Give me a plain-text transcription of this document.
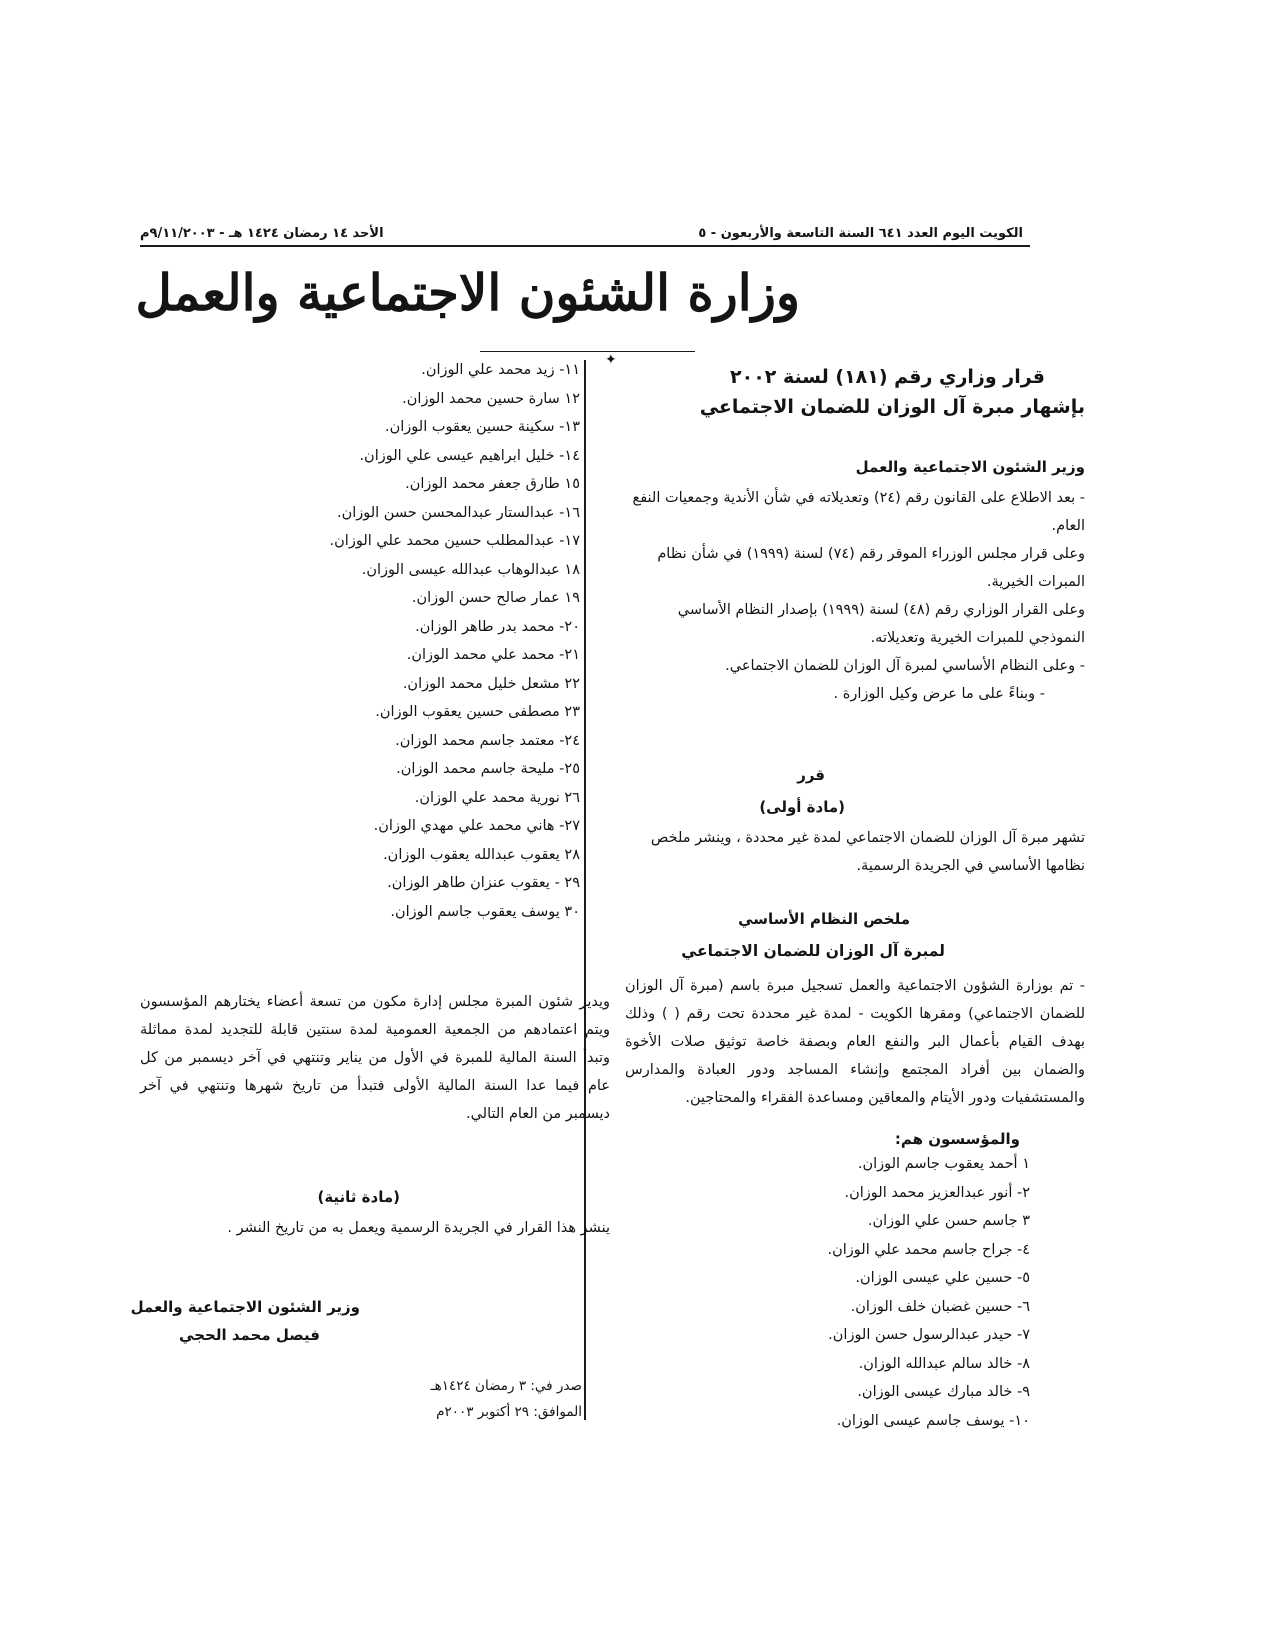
الكويت اليوم العدد ٦٤١ السنة التاسعة والأربعون - ٥
الأحد ١٤ رمضان ١٤٢٤ هـ - ٩/١١/٢٠٠٣م
وزارة الشئون الاجتماعية والعمل
✦
قرار وزاري رقم (١٨١) لسنة ٢٠٠٢
بإشهار مبرة آل الوزان للضمان الاجتماعي
وزير الشئون الاجتماعية والعمل
- بعد الاطلاع على القانون رقم (٢٤) وتعديلاته في شأن الأندية وجمعيات النفع العام.
وعلى قرار مجلس الوزراء الموقر رقم (٧٤) لسنة (١٩٩٩) في شأن نظام المبرات الخيرية.
وعلى القرار الوزاري رقم (٤٨) لسنة (١٩٩٩) بإصدار النظام الأساسي النموذجي للمبرات الخيرية وتعديلاته.
- وعلى النظام الأساسي لمبرة آل الوزان للضمان الاجتماعي.
- وبناءً على ما عرض وكيل الوزارة .
قرر
(مادة أولى)
تشهر مبرة آل الوزان للضمان الاجتماعي لمدة غير محددة ، وينشر ملخص نظامها الأساسي في الجريدة الرسمية.
ملخص النظام الأساسي
لمبرة آل الوزان للضمان الاجتماعي
- تم بوزارة الشؤون الاجتماعية والعمل تسجيل مبرة باسم (مبرة آل الوزان للضمان الاجتماعي) ومقرها الكويت - لمدة غير محددة تحت رقم ( ) وذلك بهدف القيام بأعمال البر والنفع العام وبصفة خاصة توثيق صلات الأخوة والضمان بين أفراد المجتمع وإنشاء المساجد ودور العبادة والمدارس والمستشفيات ودور الأيتام والمعاقين ومساعدة الفقراء والمحتاجين.
والمؤسسون هم:
١ أحمد يعقوب جاسم الوزان.
٢- أنور عبدالعزيز محمد الوزان.
٣ جاسم حسن علي الوزان.
٤- جراح جاسم محمد علي الوزان.
٥- حسين علي عيسى الوزان.
٦- حسين غضبان خلف الوزان.
٧- حيدر عبدالرسول حسن الوزان.
٨- خالد سالم عبدالله الوزان.
٩- خالد مبارك عيسى الوزان.
١٠- يوسف جاسم عيسى الوزان.
١١- زيد محمد علي الوزان.
١٢ سارة حسين محمد الوزان.
١٣- سكينة حسين يعقوب الوزان.
١٤- خليل ابراهيم عيسى علي الوزان.
١٥ طارق جعفر محمد الوزان.
١٦- عبدالستار عبدالمحسن حسن الوزان.
١٧- عبدالمطلب حسين محمد علي الوزان.
١٨ عبدالوهاب عبدالله عيسى الوزان.
١٩ عمار صالح حسن الوزان.
٢٠- محمد بدر طاهر الوزان.
٢١- محمد علي محمد الوزان.
٢٢ مشعل خليل محمد الوزان.
٢٣ مصطفى حسين يعقوب الوزان.
٢٤- معتمد جاسم محمد الوزان.
٢٥- مليحة جاسم محمد الوزان.
٢٦ نورية محمد علي الوزان.
٢٧- هاني محمد علي مهدي الوزان.
٢٨ يعقوب عبدالله يعقوب الوزان.
٢٩ - يعقوب عنزان طاهر الوزان.
٣٠ يوسف يعقوب جاسم الوزان.
ويدير شئون المبرة مجلس إدارة مكون من تسعة أعضاء يختارهم المؤسسون ويتم اعتمادهم من الجمعية العمومية لمدة سنتين قابلة للتجديد لمدة مماثلة وتبدأ السنة المالية للمبرة في الأول من يناير وتنتهي في آخر ديسمبر من كل عام فيما عدا السنة المالية الأولى فتبدأ من تاريخ شهرها وتنتهي في آخر ديسمبر من العام التالي.
(مادة ثانية)
ينشر هذا القرار في الجريدة الرسمية ويعمل به من تاريخ النشر .
وزير الشئون الاجتماعية والعمل
فيصل محمد الحجي
صدر في: ٣ رمضان ١٤٢٤هـ
الموافق: ٢٩ أكتوبر ٢٠٠٣م
